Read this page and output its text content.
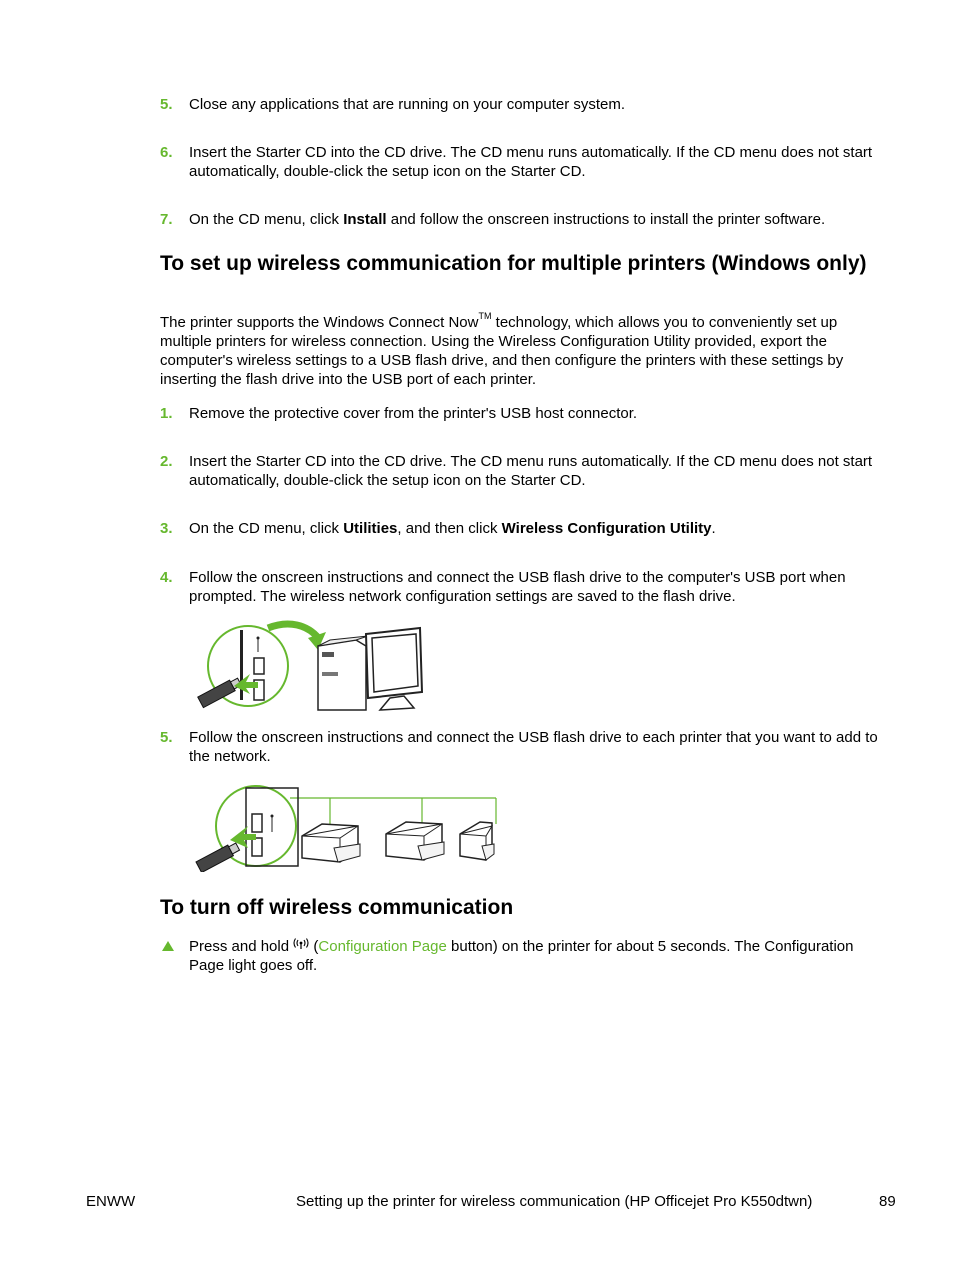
5.	Close any applications that are running on your computer system.
6.	Insert the Starter CD into the CD drive. The CD menu runs automatically. If the CD menu does not start automatically, double-click the setup icon on the Starter CD.
7.	On the CD menu, click Install and follow the onscreen instructions to install the printer software.
To set up wireless communication for multiple printers (Windows only)

The printer supports the Windows Connect Now™ technology, which allows you to conveniently set up multiple printers for wireless connection. Using the Wireless Configuration Utility provided, export the computer's wireless settings to a USB flash drive, and then configure the printers with these settings by inserting the flash drive into the USB port of each printer.

1.	Remove the protective cover from the printer's USB host connector.
2.	Insert the Starter CD into the CD drive. The CD menu runs automatically. If the CD menu does not start automatically, double-click the setup icon on the Starter CD.
3.	On the CD menu, click Utilities, and then click Wireless Configuration Utility.
4.	Follow the onscreen instructions and connect the USB flash drive to the computer's USB port when prompted. The wireless network configuration settings are saved to the flash drive.
5.	Follow the onscreen instructions and connect the USB flash drive to each printer that you want to add to the network.
To turn off wireless communication
Press and hold  (Configuration Page button) on the printer for about 5 seconds. The Configuration Page light goes off.
ENWW	Setting up the printer for wireless communication (HP Officejet Pro K550dtwn)	89
